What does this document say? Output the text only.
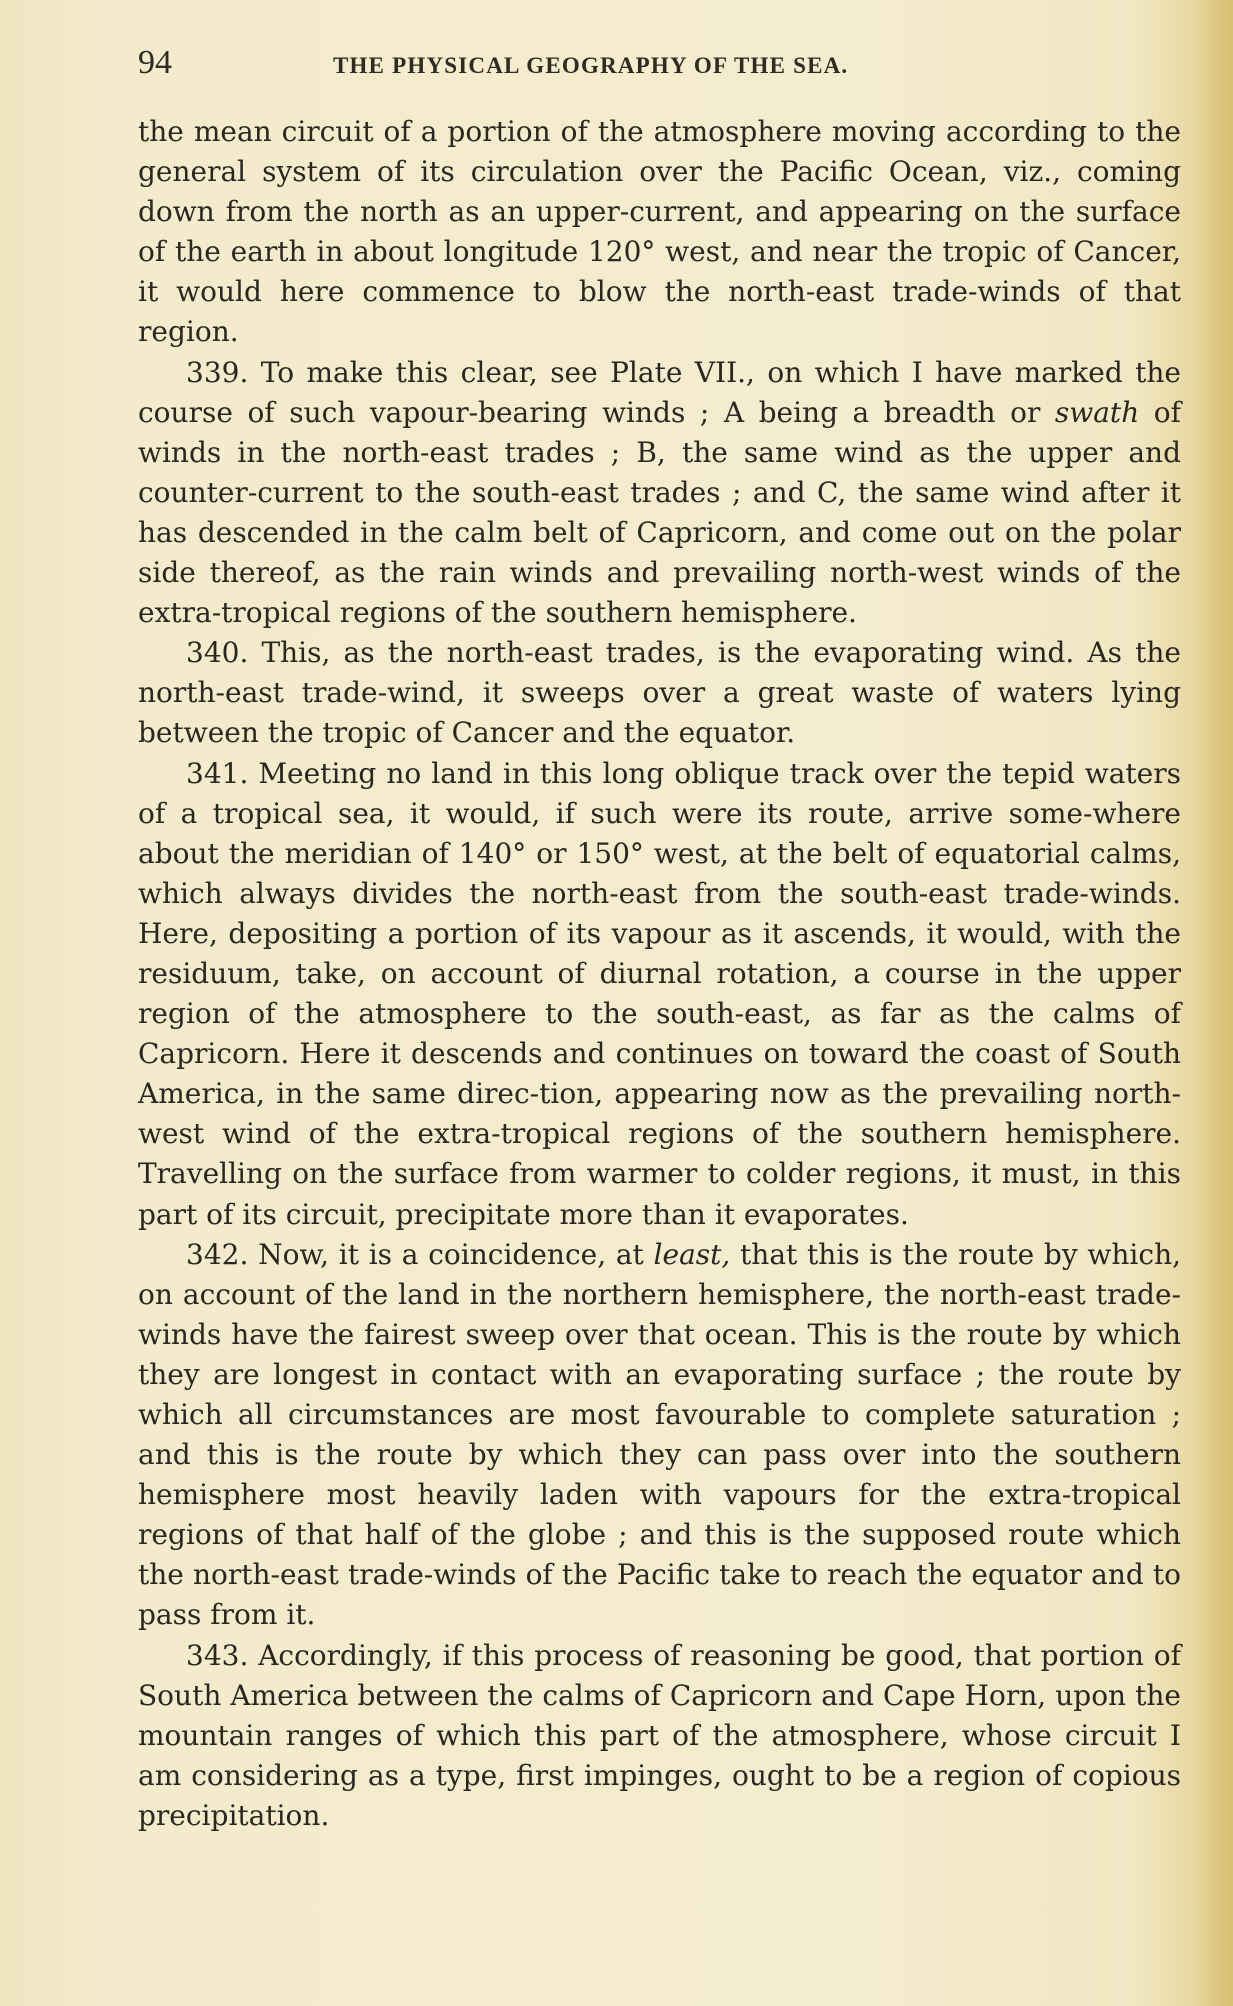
94	THE PHYSICAL GEOGRAPHY OF THE SEA.

the mean circuit of a portion of the atmosphere moving according to the general system of its circulation over the Pacific Ocean, viz., coming down from the north as an upper-current, and appearing on the surface of the earth in about longitude 120° west, and near the tropic of Cancer, it would here commence to blow the north-east trade-winds of that region.

339. To make this clear, see Plate VII., on which I have marked the course of such vapour-bearing winds ; A being a breadth or swath of winds in the north-east trades ; B, the same wind as the upper and counter-current to the south-east trades ; and C, the same wind after it has descended in the calm belt of Capricorn, and come out on the polar side thereof, as the rain winds and prevailing north-west winds of the extra-tropical regions of the southern hemisphere.

340. This, as the north-east trades, is the evaporating wind. As the north-east trade-wind, it sweeps over a great waste of waters lying between the tropic of Cancer and the equator.

341. Meeting no land in this long oblique track over the tepid waters of a tropical sea, it would, if such were its route, arrive some-where about the meridian of 140° or 150° west, at the belt of equatorial calms, which always divides the north-east from the south-east trade-winds. Here, depositing a portion of its vapour as it ascends, it would, with the residuum, take, on account of diurnal rotation, a course in the upper region of the atmosphere to the south-east, as far as the calms of Capricorn. Here it descends and continues on toward the coast of South America, in the same direc-tion, appearing now as the prevailing north-west wind of the extra-tropical regions of the southern hemisphere. Travelling on the surface from warmer to colder regions, it must, in this part of its circuit, precipitate more than it evaporates.

342. Now, it is a coincidence, at least, that this is the route by which, on account of the land in the northern hemisphere, the north-east trade-winds have the fairest sweep over that ocean. This is the route by which they are longest in contact with an evaporating surface ; the route by which all circumstances are most favourable to complete saturation ; and this is the route by which they can pass over into the southern hemisphere most heavily laden with vapours for the extra-tropical regions of that half of the globe ; and this is the supposed route which the north-east trade-winds of the Pacific take to reach the equator and to pass from it.

343. Accordingly, if this process of reasoning be good, that portion of South America between the calms of Capricorn and Cape Horn, upon the mountain ranges of which this part of the atmosphere, whose circuit I am considering as a type, first impinges, ought to be a region of copious precipitation.
